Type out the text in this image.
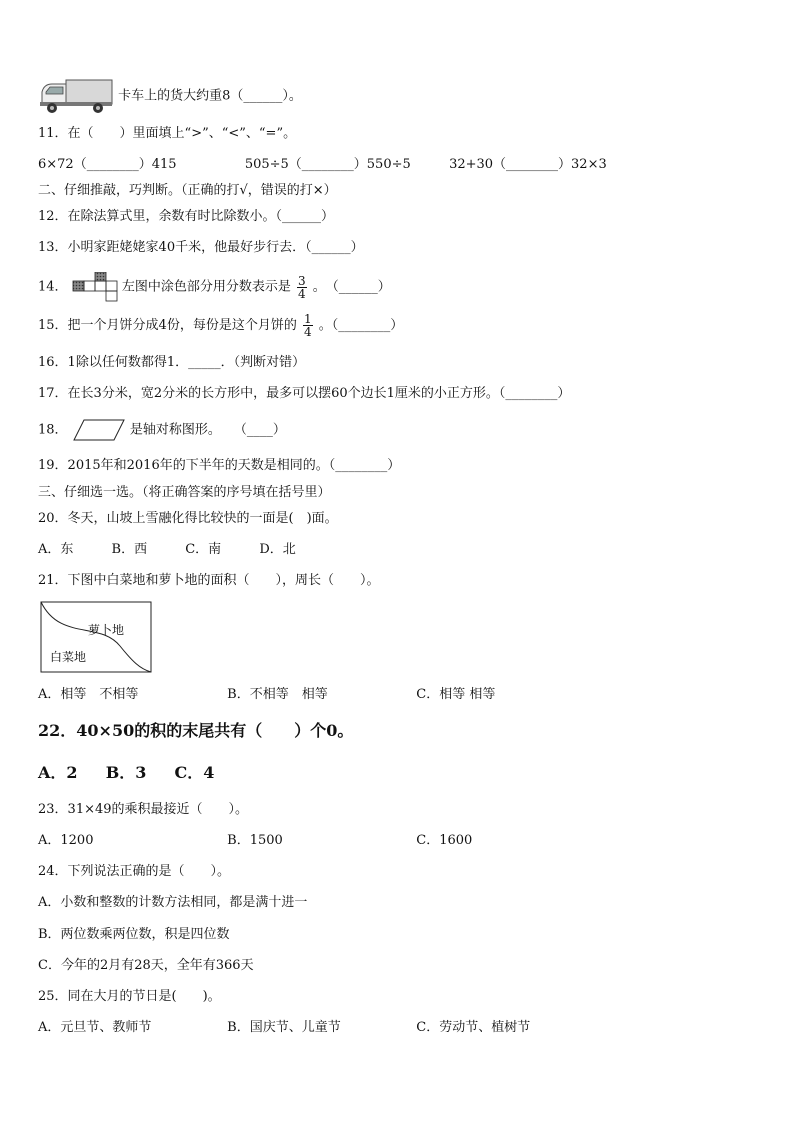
卡车上的货大约重8（______）。
11．在（　　）里面填上“>”、“<”、“=”。
6×72（________）415	505÷5（________）550÷5	32+30（________）32×3
二、仔细推敲，巧判断。（正确的打√，错误的打×）
12．在除法算式里，余数有时比除数小。（______）
13．小明家距姥姥家40千米，他最好步行去．（______）
14．	左图中涂色部分用分数表示是 $\frac{3}{4}$ 。　（______）
15．把一个月饼分成4份，每份是这个月饼的 $\frac{1}{4}$ 。（________）
16．1除以任何数都得1．_____．（判断对错）
17．在长3分米，宽2分米的长方形中，最多可以摆60个边长1厘米的小正方形。（________）
18．	是轴对称图形。　　（____）
19．2015年和2016年的下半年的天数是相同的。（________）
三、仔细选一选。（将正确答案的序号填在括号里）
20．冬天，山坡上雪融化得比较快的一面是(　)面。
A．东	B．西	C．南	D．北
21．下图中白菜地和萝卜地的面积（　　），周长（　　）。
萝卜地
白菜地
A．相等　不相等	B．不相等　相等	C．相等 相等
22．40×50的积的末尾共有（　　）个0。
A．2 B．3 C．4
23．31×49的乘积最接近（　　）。
A．1200	B．1500	C．1600
24．下列说法正确的是（　　）。
A．小数和整数的计数方法相同，都是满十进一
B．两位数乘两位数，积是四位数
C．今年的2月有28天，全年有366天
25．同在大月的节日是(　　)。
A．元旦节、教师节	B．国庆节、儿童节	C．劳动节、植树节
